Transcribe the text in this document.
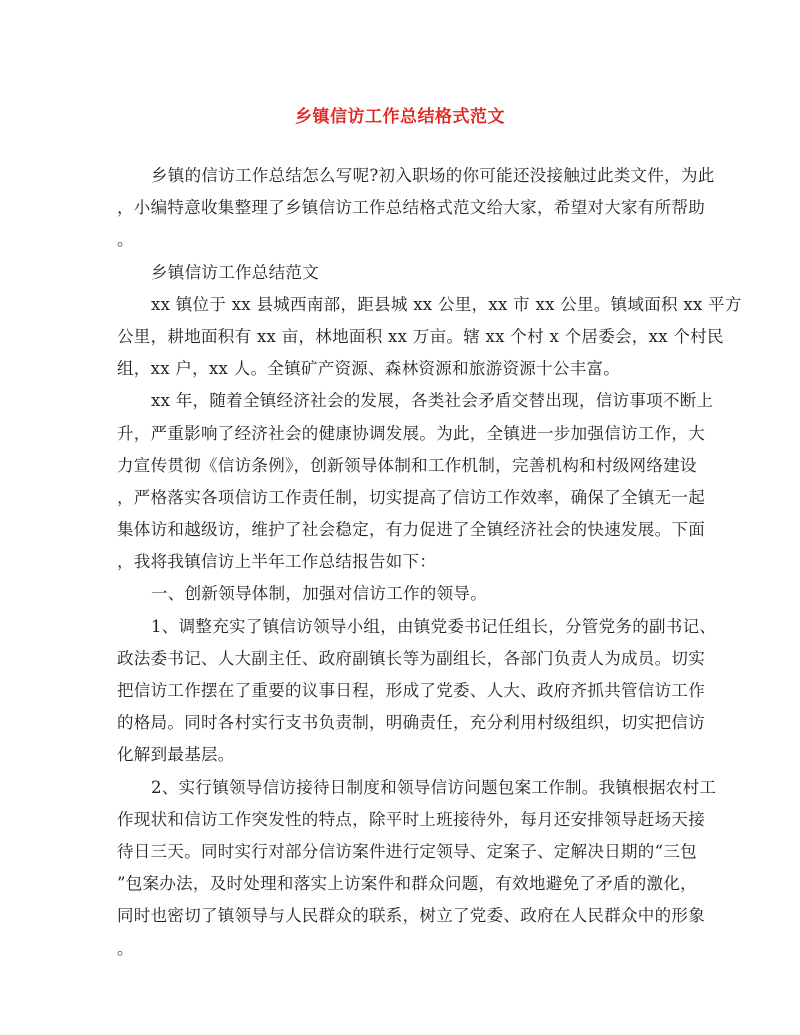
乡镇信访工作总结格式范文
乡镇的信访工作总结怎么写呢?初入职场的你可能还没接触过此类文件，为此
，小编特意收集整理了乡镇信访工作总结格式范文给大家，希望对大家有所帮助
。
乡镇信访工作总结范文
xx 镇位于 xx 县城西南部，距县城 xx 公里，xx 市 xx 公里。镇域面积 xx 平方
公里，耕地面积有 xx 亩，林地面积 xx 万亩。辖 xx 个村 x 个居委会，xx 个村民
组，xx 户，xx 人。全镇矿产资源、森林资源和旅游资源十公丰富。
xx 年，随着全镇经济社会的发展，各类社会矛盾交替出现，信访事项不断上
升，严重影响了经济社会的健康协调发展。为此，全镇进一步加强信访工作，大
力宣传贯彻《信访条例》，创新领导体制和工作机制，完善机构和村级网络建设
，严格落实各项信访工作责任制，切实提高了信访工作效率，确保了全镇无一起
集体访和越级访，维护了社会稳定，有力促进了全镇经济社会的快速发展。下面
，我将我镇信访上半年工作总结报告如下：
一、创新领导体制，加强对信访工作的领导。
1、调整充实了镇信访领导小组，由镇党委书记任组长，分管党务的副书记、
政法委书记、人大副主任、政府副镇长等为副组长，各部门负责人为成员。切实
把信访工作摆在了重要的议事日程，形成了党委、人大、政府齐抓共管信访工作
的格局。同时各村实行支书负责制，明确责任，充分利用村级组织，切实把信访
化解到最基层。
2、实行镇领导信访接待日制度和领导信访问题包案工作制。我镇根据农村工
作现状和信访工作突发性的特点，除平时上班接待外，每月还安排领导赶场天接
待日三天。同时实行对部分信访案件进行定领导、定案子、定解决日期的“三包
”包案办法，及时处理和落实上访案件和群众问题，有效地避免了矛盾的激化，
同时也密切了镇领导与人民群众的联系，树立了党委、政府在人民群众中的形象
。
